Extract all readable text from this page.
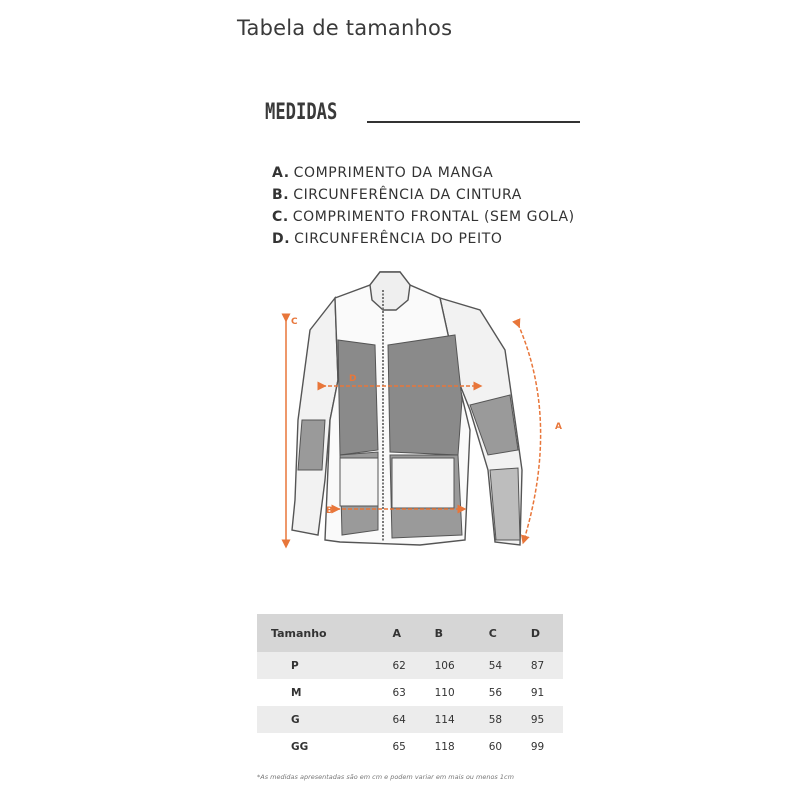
Tabela de tamanhos
MEDIDAS
A. COMPRIMENTO DA MANGA
B. CIRCUNFERÊNCIA DA CINTURA
C. COMPRIMENTO FRONTAL (SEM GOLA)
D. CIRCUNFERÊNCIA DO PEITO
C
D
B
A
Tamanho	A	B	C	D
P	62	106	54	87
M	63	110	56	91
G	64	114	58	95
GG	65	118	60	99
*As medidas apresentadas são em cm e podem variar em mais ou menos 1cm
